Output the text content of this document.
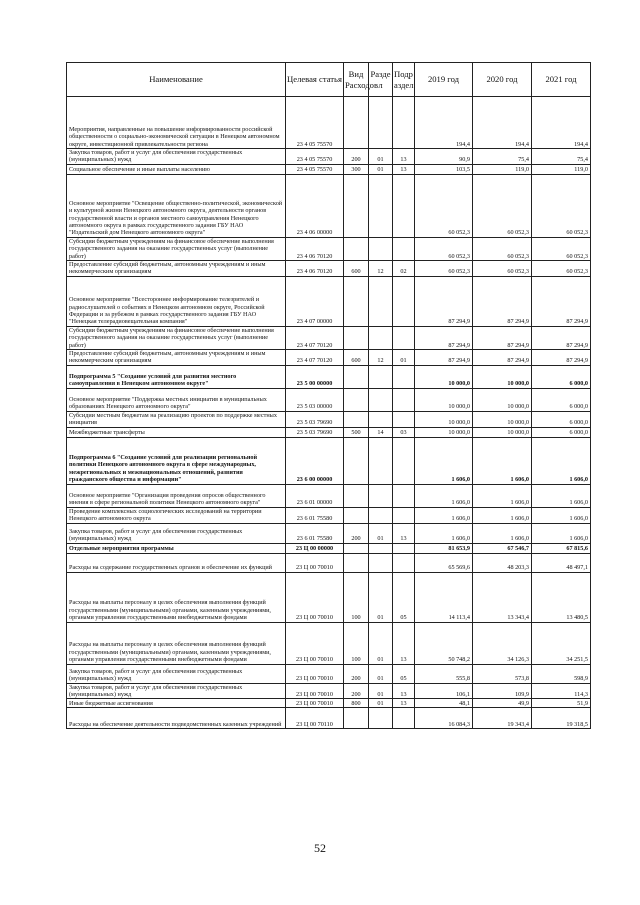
Наименование	Целевая статья	Вид Расходов	Разде л	Подр аздел	2019 год	2020 год	2021 год
Мероприятия, направленные на повышение информированности российской общественности о социально-экономической ситуации в Ненецком автономном округе, инвестиционной привлекательности региона	23 4 05 75570				194,4	194,4	194,4
Закупка товаров, работ и услуг для обеспечения государственных (муниципальных) нужд	23 4 05 75570	200	01	13	90,9	75,4	75,4
Социальное обеспечение и иные выплаты населению	23 4 05 75570	300	01	13	103,5	119,0	119,0
Основное мероприятие "Освещение общественно-политической, экономической и культурной жизни Ненецкого автономного округа, деятельности органов государственной власти и органов местного самоуправления Ненецкого автономного округа в рамках государственного задания ГБУ НАО "Издательский дом Ненецкого автономного округа"	23 4 06 00000				60 052,3	60 052,3	60 052,3
Субсидии бюджетным учреждениям на финансовое обеспечение выполнения государственного задания на оказание государственных услуг (выполнение работ)	23 4 06 70120				60 052,3	60 052,3	60 052,3
Предоставление субсидий бюджетным, автономным учреждениям и иным некоммерческим организациям	23 4 06 70120	600	12	02	60 052,3	60 052,3	60 052,3
Основное мероприятие "Всестороннее информирование телезрителей и радиослушателей о событиях в Ненецком автономном округе, Российской Федерации и за рубежом в рамках государственного задания ГБУ НАО "Ненецкая телерадиовещательная компания"	23 4 07 00000				87 294,9	87 294,9	87 294,9
Субсидии бюджетным учреждениям на финансовое обеспечение выполнения государственного задания на оказание государственных услуг (выполнение работ)	23 4 07 70120				87 294,9	87 294,9	87 294,9
Предоставление субсидий бюджетным, автономным учреждениям и иным некоммерческим организациям	23 4 07 70120	600	12	01	87 294,9	87 294,9	87 294,9
Подпрограмма 5 "Создание условий для развития местного самоуправления в Ненецком автономном округе"	23 5 00 00000				10 000,0	10 000,0	6 000,0
Основное мероприятие "Поддержка местных инициатив в муниципальных образованиях Ненецкого автономного округа"	23 5 03 00000				10 000,0	10 000,0	6 000,0
Субсидии местным бюджетам на реализацию проектов по поддержке местных инициатив	23 5 03 79690				10 000,0	10 000,0	6 000,0
Межбюджетные трансферты	23 5 03 79690	500	14	03	10 000,0	10 000,0	6 000,0
Подпрограмма 6 "Создание условий для реализации региональной политики Ненецкого автономного округа в сфере международных, межрегиональных и межнациональных отношений, развития гражданского общества и информации"	23 6 00 00000				1 606,0	1 606,0	1 606,0
Основное мероприятие "Организация проведения опросов общественного мнения в сфере региональной политики Ненецкого автономного округа"	23 6 01 00000				1 606,0	1 606,0	1 606,0
Проведение комплексных социологических исследований на территории Ненецкого автономного округа	23 6 01 75580				1 606,0	1 606,0	1 606,0
Закупка товаров, работ и услуг для обеспечения государственных (муниципальных) нужд	23 6 01 75580	200	01	13	1 606,0	1 606,0	1 606,0
Отдельные мероприятия программы	23 Ц 00 00000				81 653,9	67 546,7	67 815,6
Расходы на содержание государственных органов и обеспечение их функций	23 Ц 00 70010				65 569,6	48 203,3	48 497,1
Расходы на выплаты персоналу в целях обеспечения выполнения функций государственными (муниципальными) органами, казенными учреждениями, органами управления государственными внебюджетными фондами	23 Ц 00 70010	100	01	05	14 113,4	13 343,4	13 480,5
Расходы на выплаты персоналу в целях обеспечения выполнения функций государственными (муниципальными) органами, казенными учреждениями, органами управления государственными внебюджетными фондами	23 Ц 00 70010	100	01	13	50 748,2	34 126,3	34 251,5
Закупка товаров, работ и услуг для обеспечения государственных (муниципальных) нужд	23 Ц 00 70010	200	01	05	555,8	573,8	598,9
Закупка товаров, работ и услуг для обеспечения государственных (муниципальных) нужд	23 Ц 00 70010	200	01	13	106,1	109,9	114,3
Иные бюджетные ассигнования	23 Ц 00 70010	800	01	13	48,1	49,9	51,9
Расходы на обеспечение деятельности подведомственных казенных учреждений	23 Ц 00 70110				16 084,3	19 343,4	19 318,5
52
